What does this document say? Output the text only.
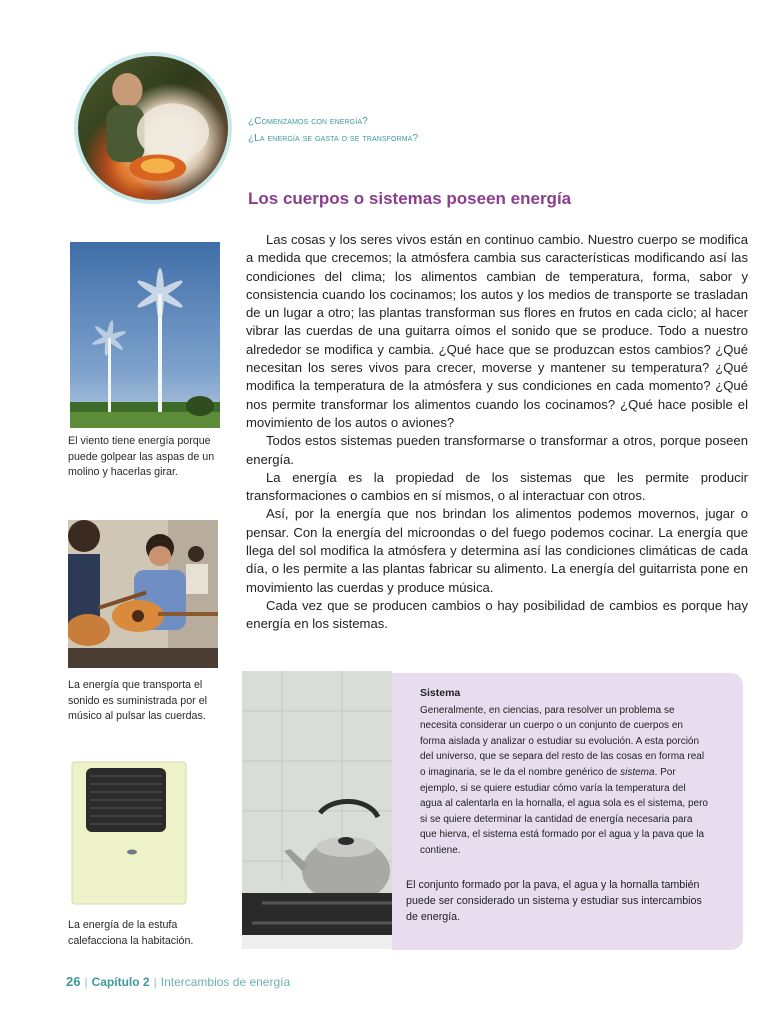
¿Comenzamos con energía?
¿La energía se gasta o se transforma?
Los cuerpos o sistemas poseen energía

Las cosas y los seres vivos están en continuo cambio. Nuestro cuerpo se modifica a medida que crecemos; la atmósfera cambia sus características modificando así las condiciones del clima; los alimentos cambian de temperatura, forma, sabor y consistencia cuando los cocinamos; los autos y los medios de transporte se trasladan de un lugar a otro; las plantas transforman sus flores en frutos en cada ciclo; al hacer vibrar las cuerdas de una guitarra oímos el sonido que se produce. Todo a nuestro alrededor se modifica y cambia. ¿Qué hace que se produzcan estos cambios? ¿Qué necesitan los seres vivos para crecer, moverse y mantener su temperatura? ¿Qué modifica la temperatura de la atmósfera y sus condiciones en cada momento? ¿Qué nos permite transformar los alimentos cuando los cocinamos? ¿Qué hace posible el movimiento de los autos o aviones?

Todos estos sistemas pueden transformarse o transformar a otros, porque poseen energía.

La energía es la propiedad de los sistemas que les permite producir transformaciones o cambios en sí mismos, o al interactuar con otros.

Así, por la energía que nos brindan los alimentos podemos movernos, jugar o pensar. Con la energía del microondas o del fuego podemos cocinar. La energía que llega del sol modifica la atmósfera y determina así las condiciones climáticas de cada día, o les permite a las plantas fabricar su alimento. La energía del guitarrista pone en movimiento las cuerdas y produce música.

Cada vez que se producen cambios o hay posibilidad de cambios es porque hay energía en los sistemas.

El viento tiene energía porque puede golpear las aspas de un molino y hacerlas girar.
La energía que transporta el sonido es suministrada por el músico al pulsar las cuerdas.
La energía de la estufa calefacciona la habitación.
Sistema
Generalmente, en ciencias, para resolver un problema se necesita considerar un cuerpo o un conjunto de cuerpos en forma aislada y analizar o estudiar su evolución. A esta porción del universo, que se separa del resto de las cosas en forma real o imaginaria, se le da el nombre genérico de sistema. Por ejemplo, si se quiere estudiar cómo varía la temperatura del agua al calentarla en la hornalla, el agua sola es el sistema, pero si se quiere determinar la cantidad de energía necesaria para que hierva, el sistema está formado por el agua y la pava que la contiene.
El conjunto formado por la pava, el agua y la hornalla también puede ser considerado un sistema y estudiar sus intercambios de energía.
26 | Capítulo 2 | Intercambios de energía
